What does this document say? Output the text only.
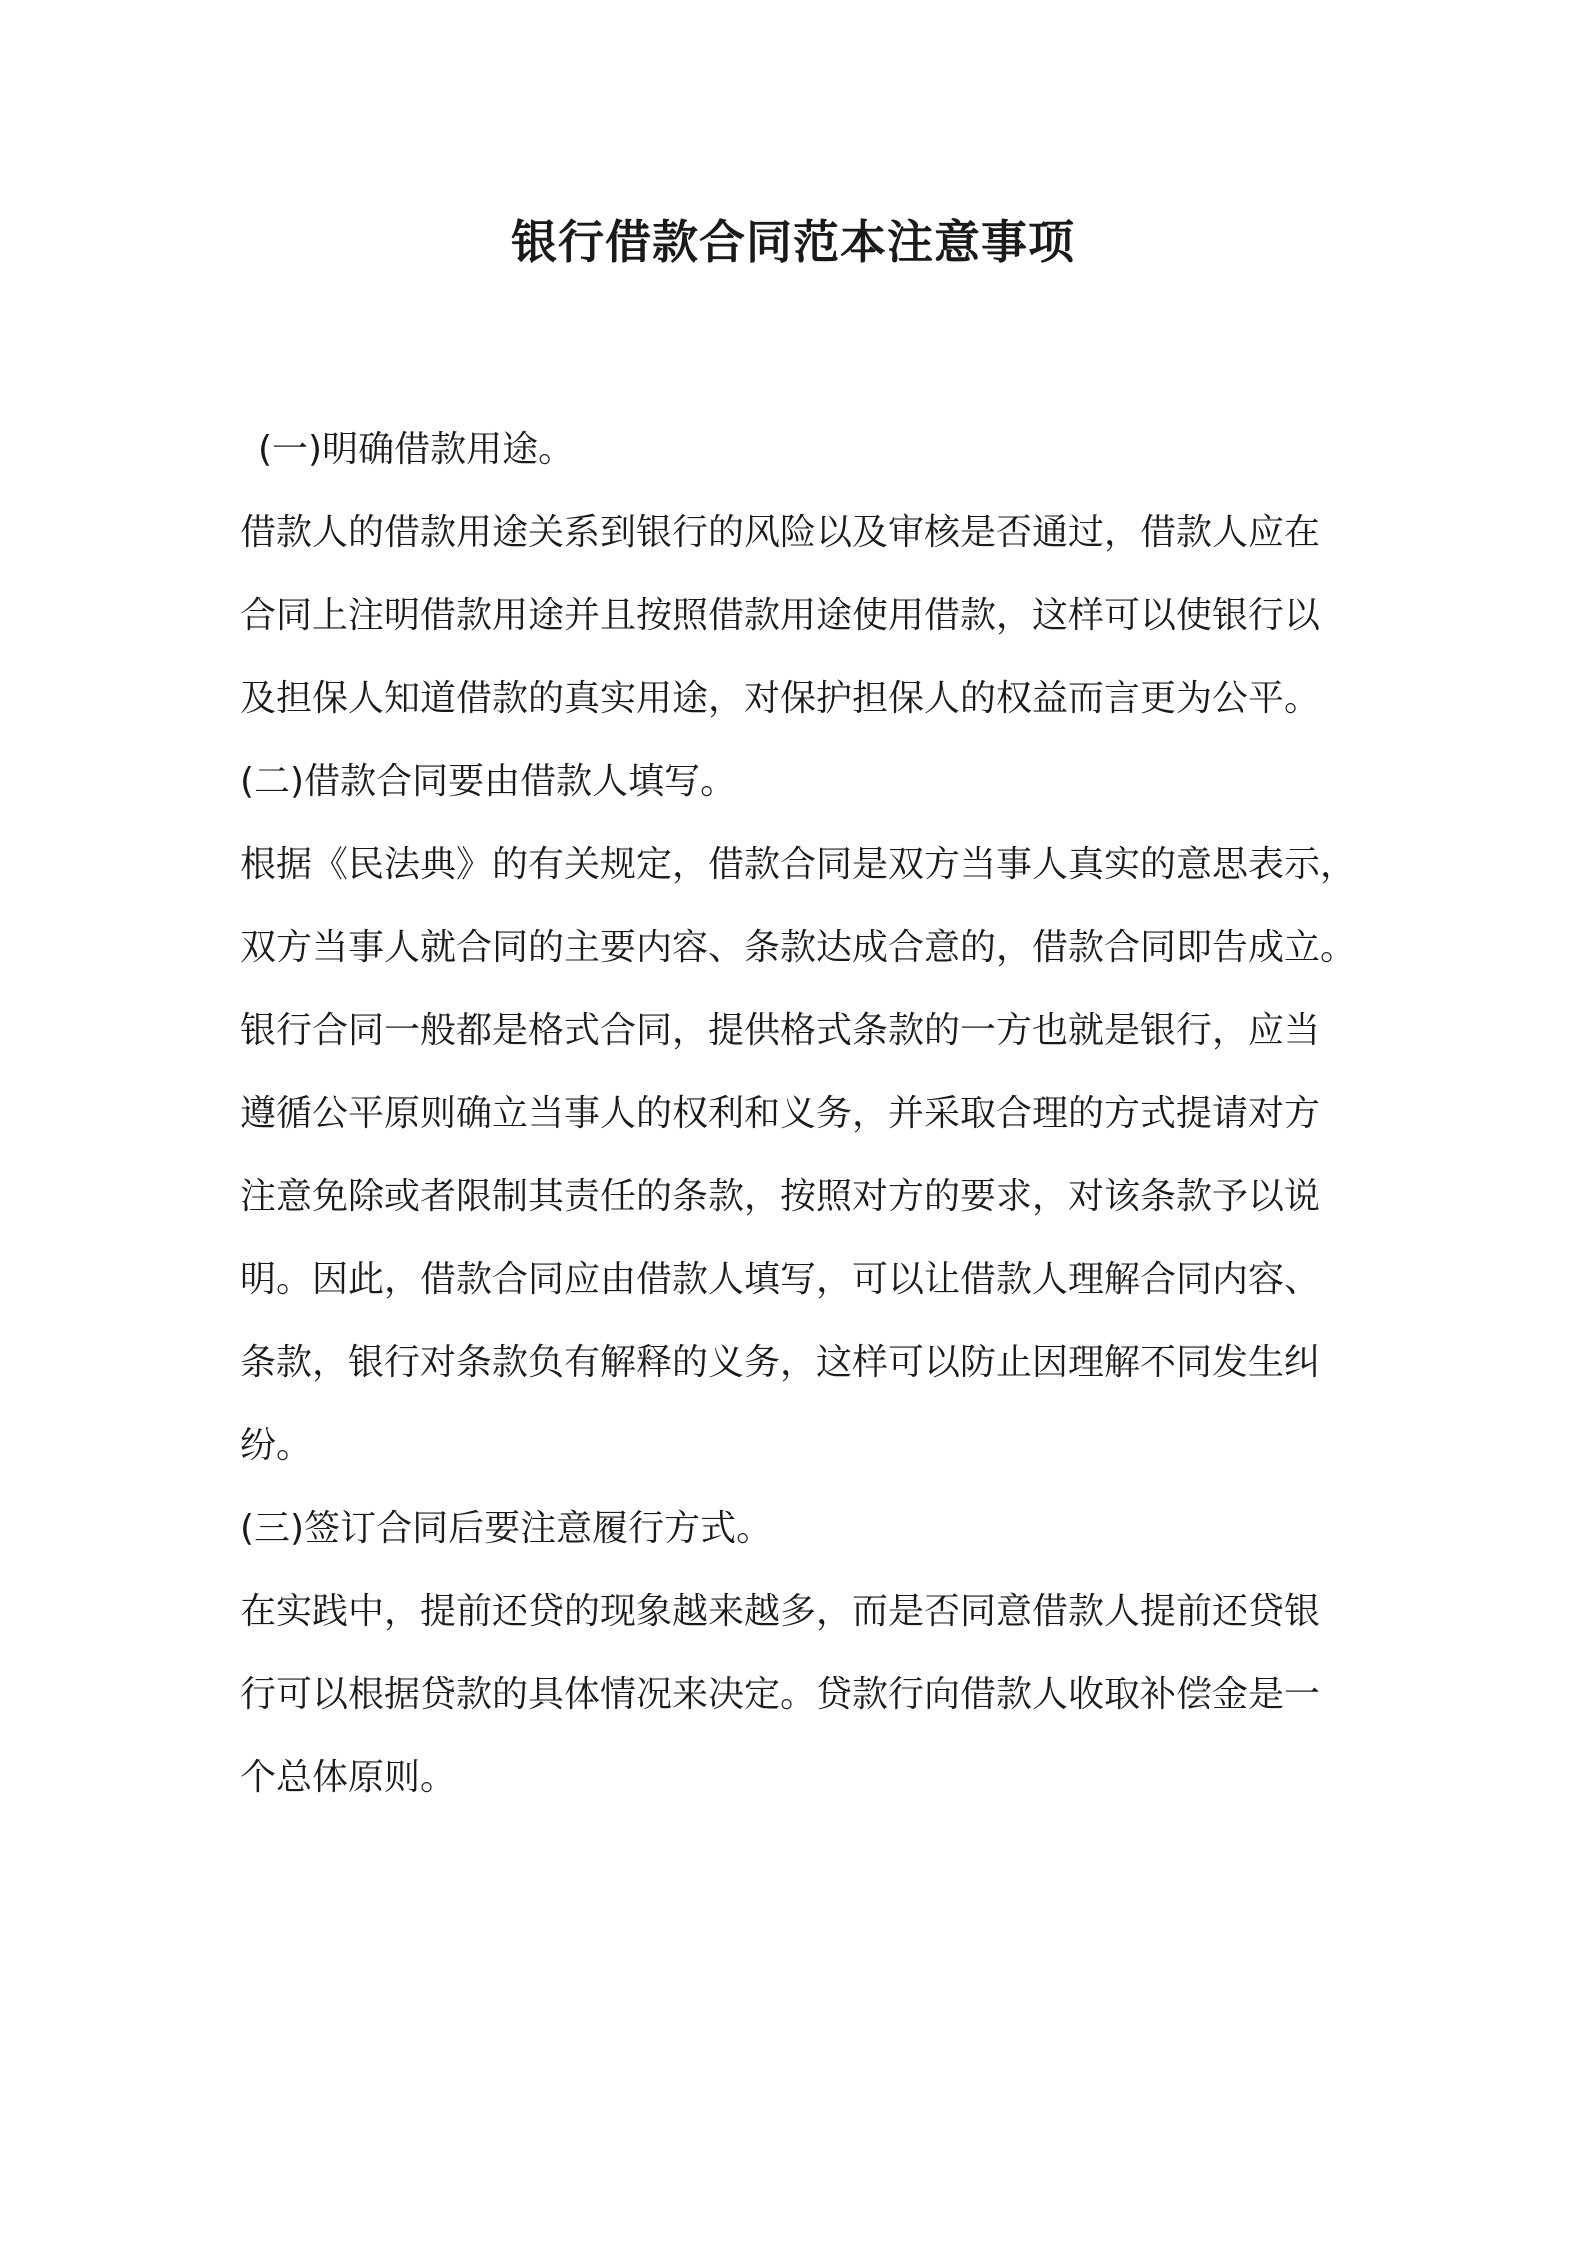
银行借款合同范本注意事项
(一)明确借款用途。
借款人的借款用途关系到银行的风险以及审核是否通过，借款人应在
合同上注明借款用途并且按照借款用途使用借款，这样可以使银行以
及担保人知道借款的真实用途，对保护担保人的权益而言更为公平。
(二)借款合同要由借款人填写。
根据《民法典》的有关规定，借款合同是双方当事人真实的意思表示，
双方当事人就合同的主要内容、条款达成合意的，借款合同即告成立。
银行合同一般都是格式合同，提供格式条款的一方也就是银行，应当
遵循公平原则确立当事人的权利和义务，并采取合理的方式提请对方
注意免除或者限制其责任的条款，按照对方的要求，对该条款予以说
明。因此，借款合同应由借款人填写，可以让借款人理解合同内容、
条款，银行对条款负有解释的义务，这样可以防止因理解不同发生纠
纷。
(三)签订合同后要注意履行方式。
在实践中，提前还贷的现象越来越多，而是否同意借款人提前还贷银
行可以根据贷款的具体情况来决定。贷款行向借款人收取补偿金是一
个总体原则。
